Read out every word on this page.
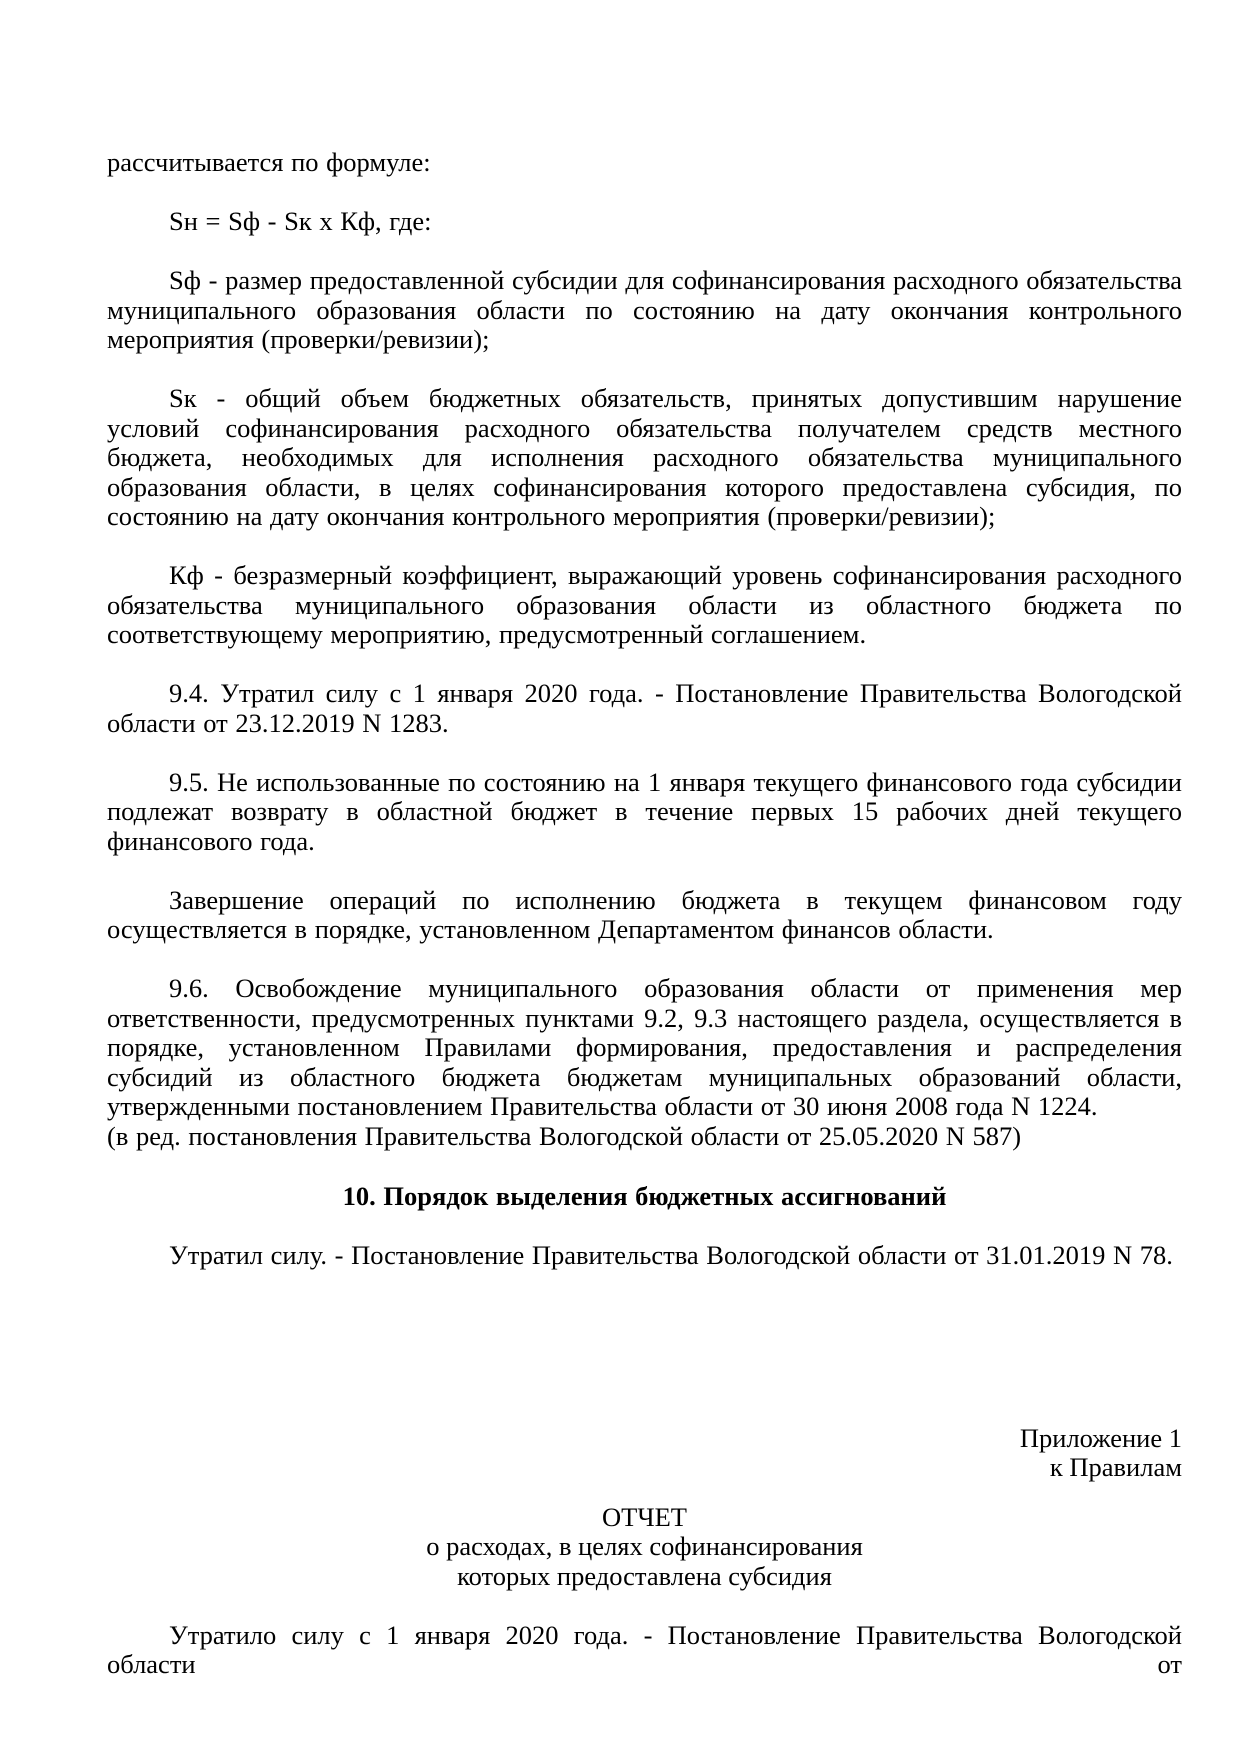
рассчитывается по формуле:

Sн = Sф - Sк x Кф, где:

Sф - размер предоставленной субсидии для софинансирования расходного обязательства муниципального образования области по состоянию на дату окончания контрольного мероприятия (проверки/ревизии);

Sк - общий объем бюджетных обязательств, принятых допустившим нарушение условий софинансирования расходного обязательства получателем средств местного бюджета, необходимых для исполнения расходного обязательства муниципального образования области, в целях софинансирования которого предоставлена субсидия, по состоянию на дату окончания контрольного мероприятия (проверки/ревизии);

Кф - безразмерный коэффициент, выражающий уровень софинансирования расходного обязательства муниципального образования области из областного бюджета по соответствующему мероприятию, предусмотренный соглашением.

9.4. Утратил силу с 1 января 2020 года. - Постановление Правительства Вологодской области от 23.12.2019 N 1283.

9.5. Не использованные по состоянию на 1 января текущего финансового года субсидии подлежат возврату в областной бюджет в течение первых 15 рабочих дней текущего финансового года.

Завершение операций по исполнению бюджета в текущем финансовом году осуществляется в порядке, установленном Департаментом финансов области.

9.6. Освобождение муниципального образования области от применения мер ответственности, предусмотренных пунктами 9.2, 9.3 настоящего раздела, осуществляется в порядке, установленном Правилами формирования, предоставления и распределения субсидий из областного бюджета бюджетам муниципальных образований области, утвержденными постановлением Правительства области от 30 июня 2008 года N 1224.

(в ред. постановления Правительства Вологодской области от 25.05.2020 N 587)

10. Порядок выделения бюджетных ассигнований

Утратил силу. - Постановление Правительства Вологодской области от 31.01.2019 N 78.

Приложение 1
к Правилам
ОТЧЕТ
о расходах, в целях софинансирования
которых предоставлена субсидия

Утратило силу с 1 января 2020 года. - Постановление Правительства Вологодской области от
